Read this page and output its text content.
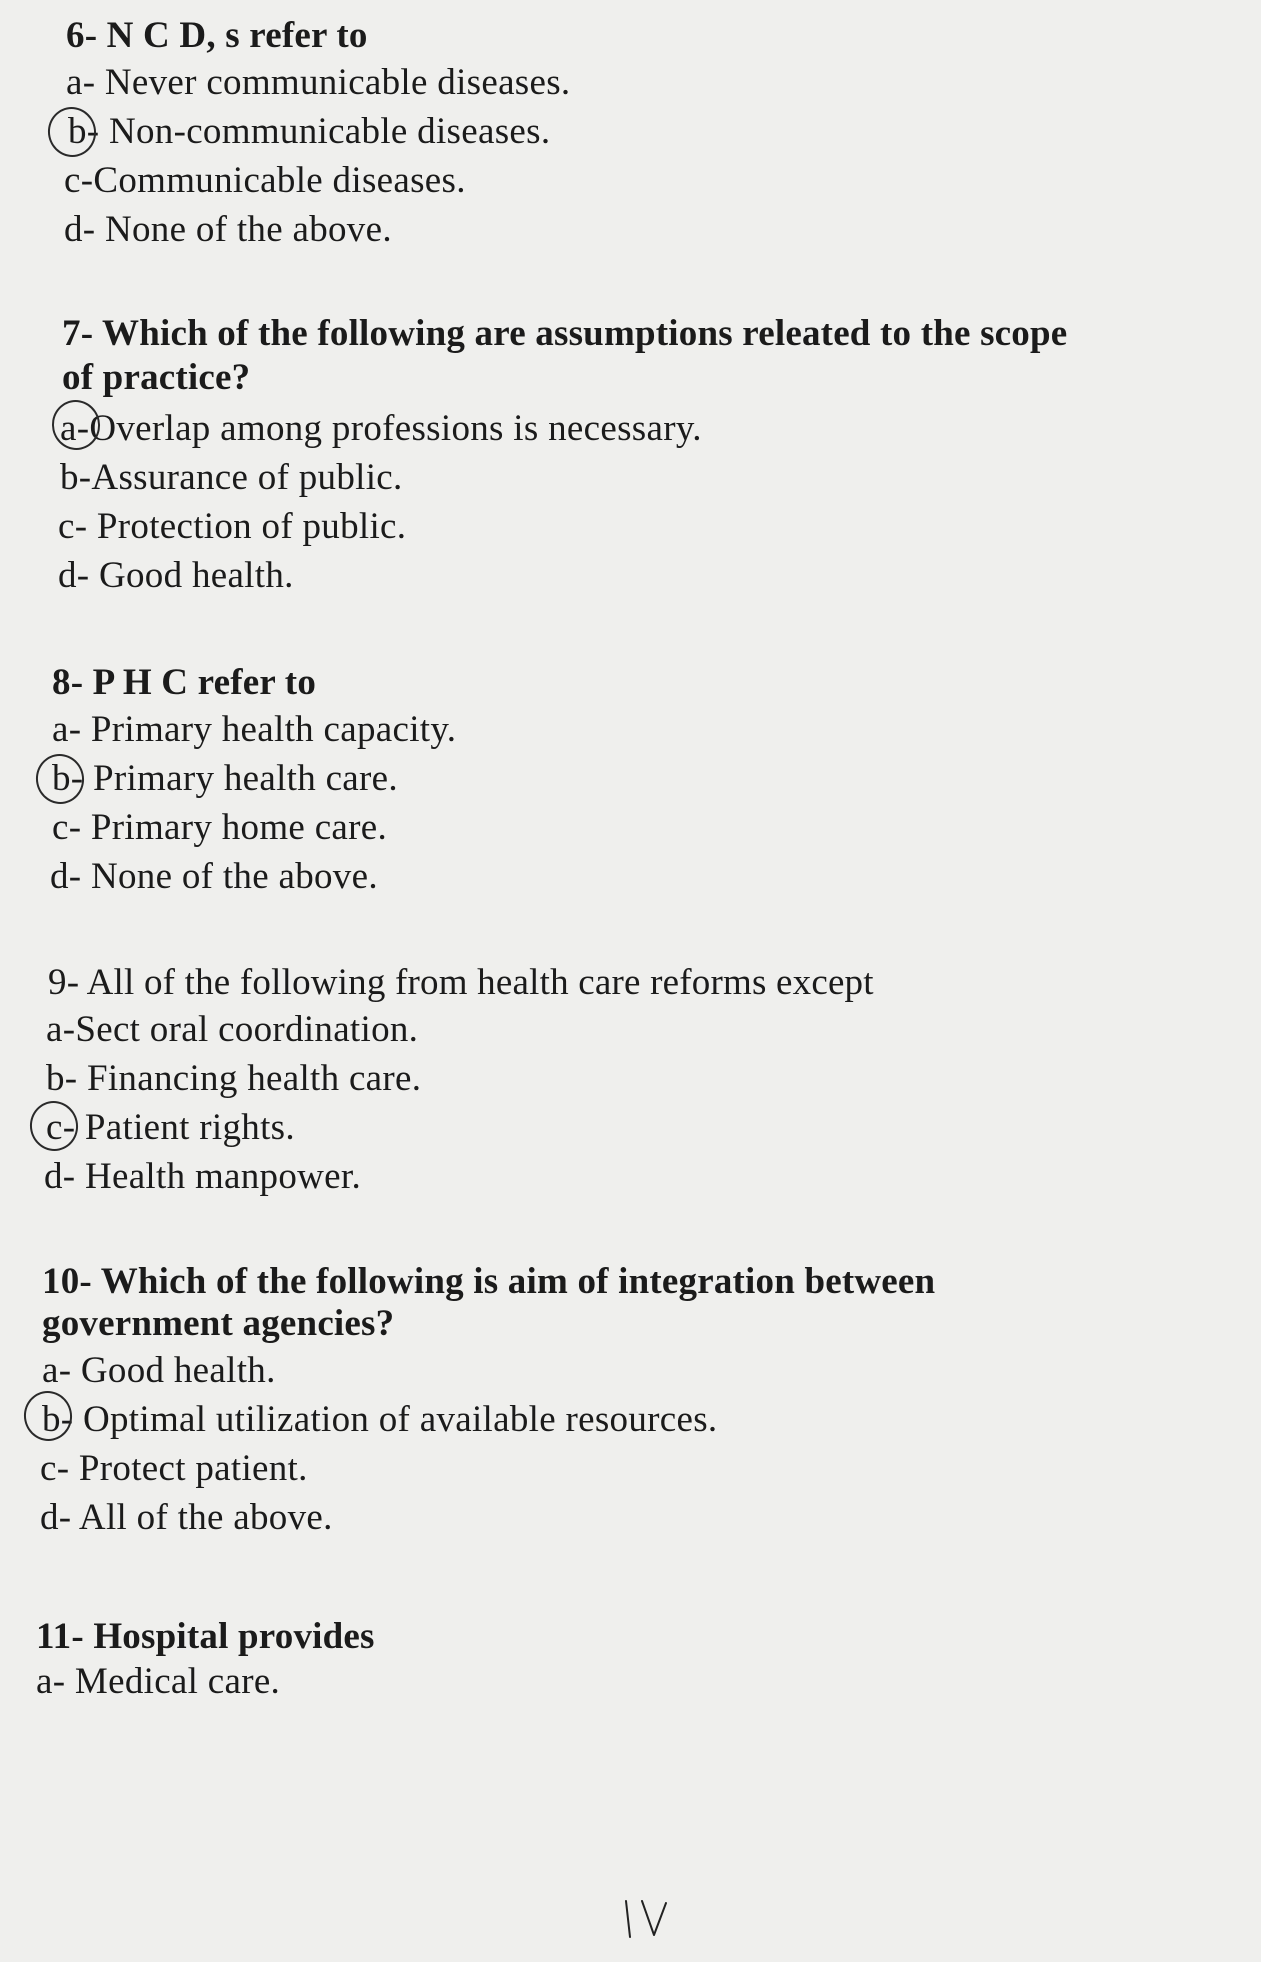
6- N C D, s refer to
a- Never communicable diseases.
b- Non-communicable diseases.
c-Communicable diseases.
d- None of the above.
7- Which of the following are assumptions releated to the scope
of practice?
a-Overlap among professions is necessary.
b-Assurance of public.
c- Protection of public.
d- Good health.
8- P H C refer to
a- Primary health capacity.
b- Primary health care.
c- Primary home care.
d- None of the above.
9- All of the following from health care reforms except
a-Sect oral coordination.
b- Financing health care.
c- Patient rights.
d- Health manpower.
10- Which of the following is aim of integration between
government agencies?
a- Good health.
b- Optimal utilization of available resources.
c- Protect patient.
d- All of the above.
11- Hospital provides
a- Medical care.
